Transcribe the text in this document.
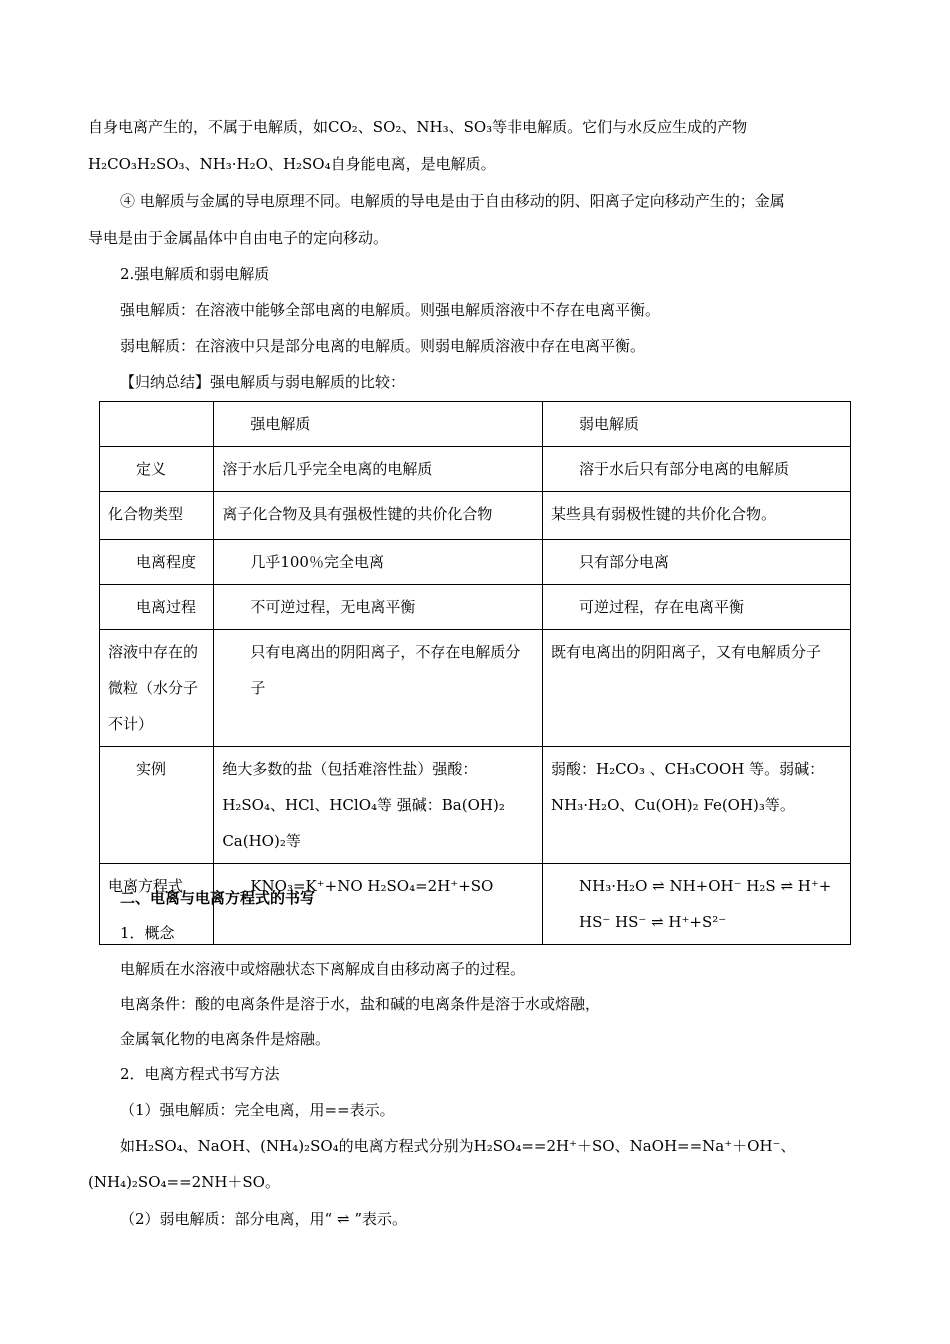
自身电离产生的，不属于电解质，如CO₂、SO₂、NH₃、SO₃等非电解质。它们与水反应生成的产物
H₂CO₃H₂SO₃、NH₃·H₂O、H₂SO₄自身能电离，是电解质。
④ 电解质与金属的导电原理不同。电解质的导电是由于自由移动的阴、阳离子定向移动产生的；金属
导电是由于金属晶体中自由电子的定向移动。
2.强电解质和弱电解质
强电解质：在溶液中能够全部电离的电解质。则强电解质溶液中不存在电离平衡。
弱电解质：在溶液中只是部分电离的电解质。则弱电解质溶液中存在电离平衡。
【归纳总结】强电解质与弱电解质的比较：
	强电解质	弱电解质
定义	溶于水后几乎完全电离的电解质	溶于水后只有部分电离的电解质
化合物类型	离子化合物及具有强极性键的共价化合物	某些具有弱极性键的共价化合物。
电离程度	几乎100％完全电离	只有部分电离
电离过程	不可逆过程，无电离平衡	可逆过程，存在电离平衡
溶液中存在的微粒（水分子不计）	只有电离出的阴阳离子，不存在电解质分子	既有电离出的阴阳离子，又有电解质分子
实例	绝大多数的盐（包括难溶性盐）强酸：H₂SO₄、HCl、HClO₄等 强碱：Ba(OH)₂ Ca(HO)₂等	弱酸：H₂CO₃ 、CH₃COOH 等。弱碱：NH₃·H₂O、Cu(OH)₂ Fe(OH)₃等。
电离方程式	KNO₃=K⁺+NO H₂SO₄=2H⁺+SO	NH₃·H₂O ⇌ NH+OH⁻ H₂S ⇌ H⁺+ HS⁻ HS⁻ ⇌ H⁺+S²⁻
二、电离与电离方程式的书写
1．概念
电解质在水溶液中或熔融状态下离解成自由移动离子的过程。
电离条件：酸的电离条件是溶于水，盐和碱的电离条件是溶于水或熔融，
金属氧化物的电离条件是熔融。
2．电离方程式书写方法
（1）强电解质：完全电离，用==表示。
如H₂SO₄、NaOH、(NH₄)₂SO₄的电离方程式分别为H₂SO₄==2H⁺＋SO、NaOH==Na⁺＋OH⁻、
(NH₄)₂SO₄==2NH＋SO。
（2）弱电解质：部分电离，用“ ⇌ ”表示。
